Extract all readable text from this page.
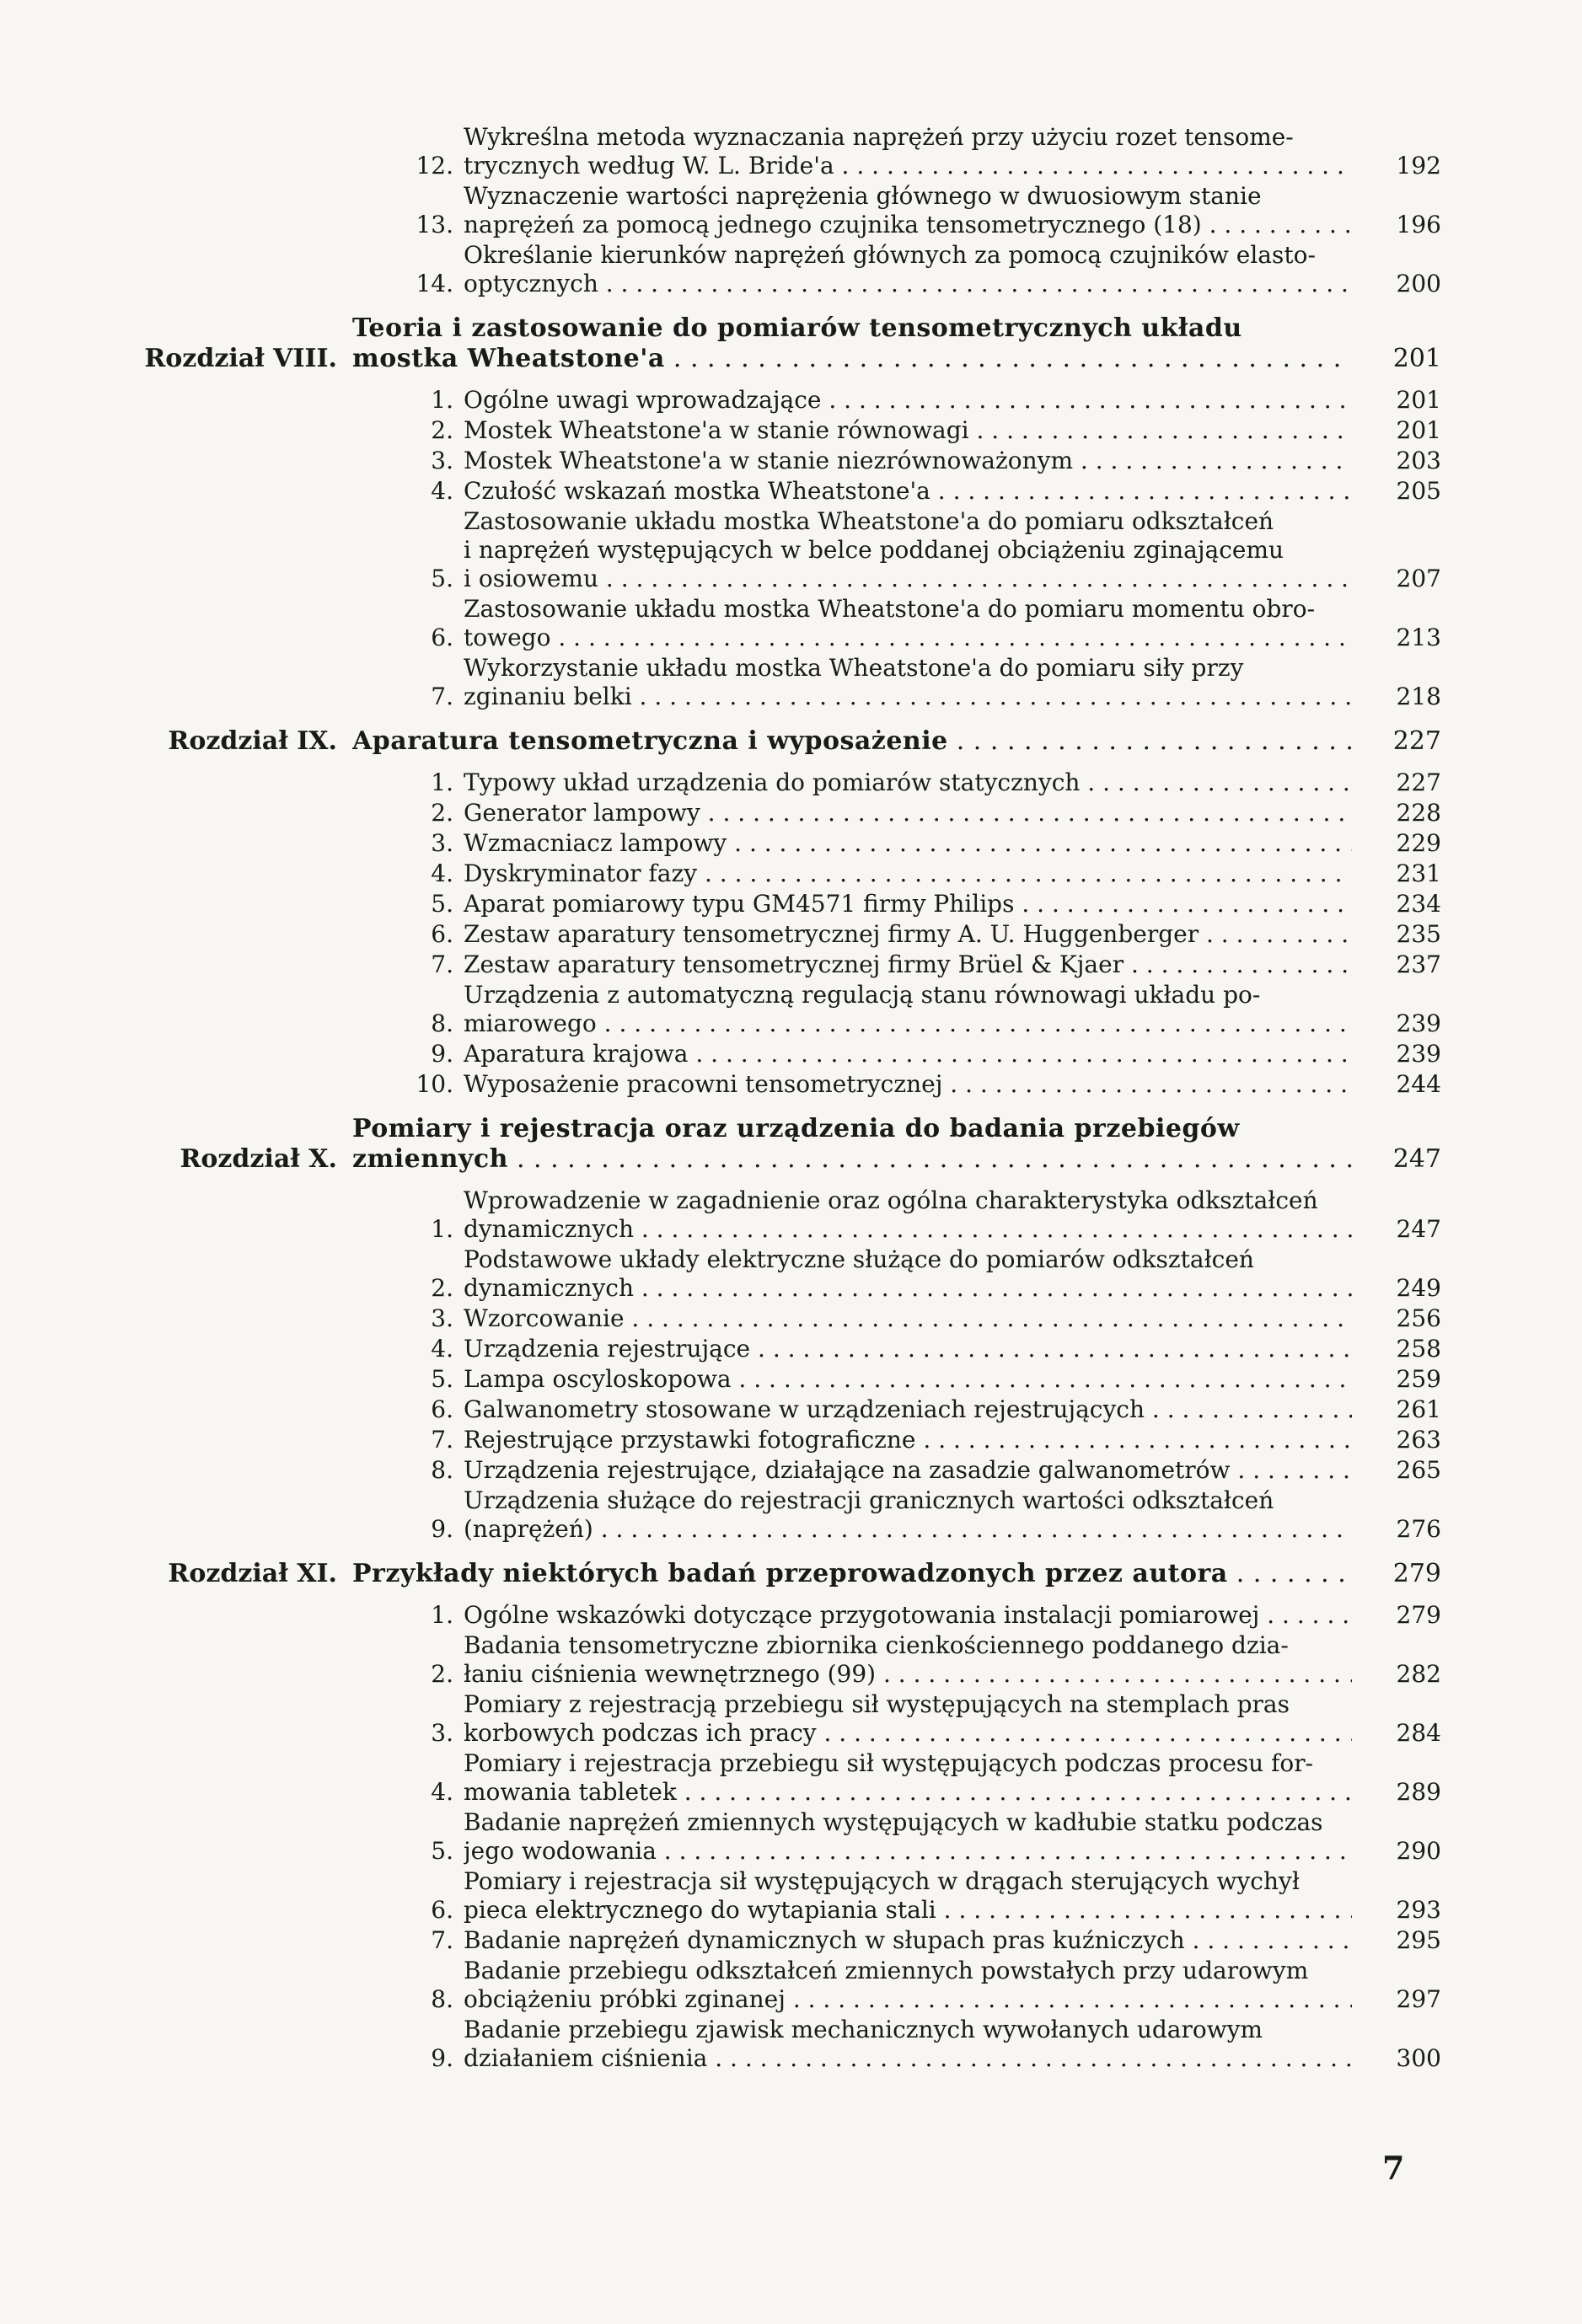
12.
Wykreślna metoda wyznaczania naprężeń przy użyciu rozet tensome-
trycznych według W. L. Bride'a . . .	192
13.
Wyznaczenie wartości naprężenia głównego w dwuosiowym stanie
naprężeń za pomocą jednego czujnika tensometrycznego (18) . . .	196
14.
Określanie kierunków naprężeń głównych za pomocą czujników elasto-
optycznych . . .	200
Rozdział VIII.
Teoria i zastosowanie do pomiarów tensometrycznych układu
mostka Wheatstone'a . . .	201
1. Ogólne uwagi wprowadzające . . .	201
2. Mostek Wheatstone'a w stanie równowagi . . .	201
3. Mostek Wheatstone'a w stanie niezrównoważonym . . .	203
4. Czułość wskazań mostka Wheatstone'a . . .	205
5.
Zastosowanie układu mostka Wheatstone'a do pomiaru odkształceń
i naprężeń występujących w belce poddanej obciążeniu zginającemu
i osiowemu . . .	207
6.
Zastosowanie układu mostka Wheatstone'a do pomiaru momentu obro-
towego . . .	213
7.
Wykorzystanie układu mostka Wheatstone'a do pomiaru siły przy
zginaniu belki . . .	218
Rozdział IX. Aparatura tensometryczna i wyposażenie . . .	227
1. Typowy układ urządzenia do pomiarów statycznych . . .	227
2. Generator lampowy . . .	228
3. Wzmacniacz lampowy . . .	229
4. Dyskryminator fazy . . .	231
5. Aparat pomiarowy typu GM4571 firmy Philips . . .	234
6. Zestaw aparatury tensometrycznej firmy A. U. Huggenberger . . .	235
7. Zestaw aparatury tensometrycznej firmy Brüel & Kjaer . . .	237
8.
Urządzenia z automatyczną regulacją stanu równowagi układu po-
miarowego . . .	239
9. Aparatura krajowa . . .	239
10. Wyposażenie pracowni tensometrycznej . . .	244
Rozdział X.
Pomiary i rejestracja oraz urządzenia do badania przebiegów
zmiennych . . .	247
1.
Wprowadzenie w zagadnienie oraz ogólna charakterystyka odkształceń
dynamicznych . . .	247
2.
Podstawowe układy elektryczne służące do pomiarów odkształceń
dynamicznych . . .	249
3. Wzorcowanie . . .	256
4. Urządzenia rejestrujące . . .	258
5. Lampa oscyloskopowa . . .	259
6. Galwanometry stosowane w urządzeniach rejestrujących . . .	261
7. Rejestrujące przystawki fotograficzne . . .	263
8. Urządzenia rejestrujące, działające na zasadzie galwanometrów . . .	265
9.
Urządzenia służące do rejestracji granicznych wartości odkształceń
(naprężeń) . . .	276
Rozdział XI. Przykłady niektórych badań przeprowadzonych przez autora . . .	279
1. Ogólne wskazówki dotyczące przygotowania instalacji pomiarowej . . .	279
2.
Badania tensometryczne zbiornika cienkościennego poddanego dzia-
łaniu ciśnienia wewnętrznego (99) . . .	282
3.
Pomiary z rejestracją przebiegu sił występujących na stemplach pras
korbowych podczas ich pracy . . .	284
4.
Pomiary i rejestracja przebiegu sił występujących podczas procesu for-
mowania tabletek . . .	289
5.
Badanie naprężeń zmiennych występujących w kadłubie statku podczas
jego wodowania . . .	290
6.
Pomiary i rejestracja sił występujących w drągach sterujących wychył
pieca elektrycznego do wytapiania stali . . .	293
7. Badanie naprężeń dynamicznych w słupach pras kuźniczych . . .	295
8.
Badanie przebiegu odkształceń zmiennych powstałych przy udarowym
obciążeniu próbki zginanej . . .	297
9.
Badanie przebiegu zjawisk mechanicznych wywołanych udarowym
działaniem ciśnienia . . .	300
7
